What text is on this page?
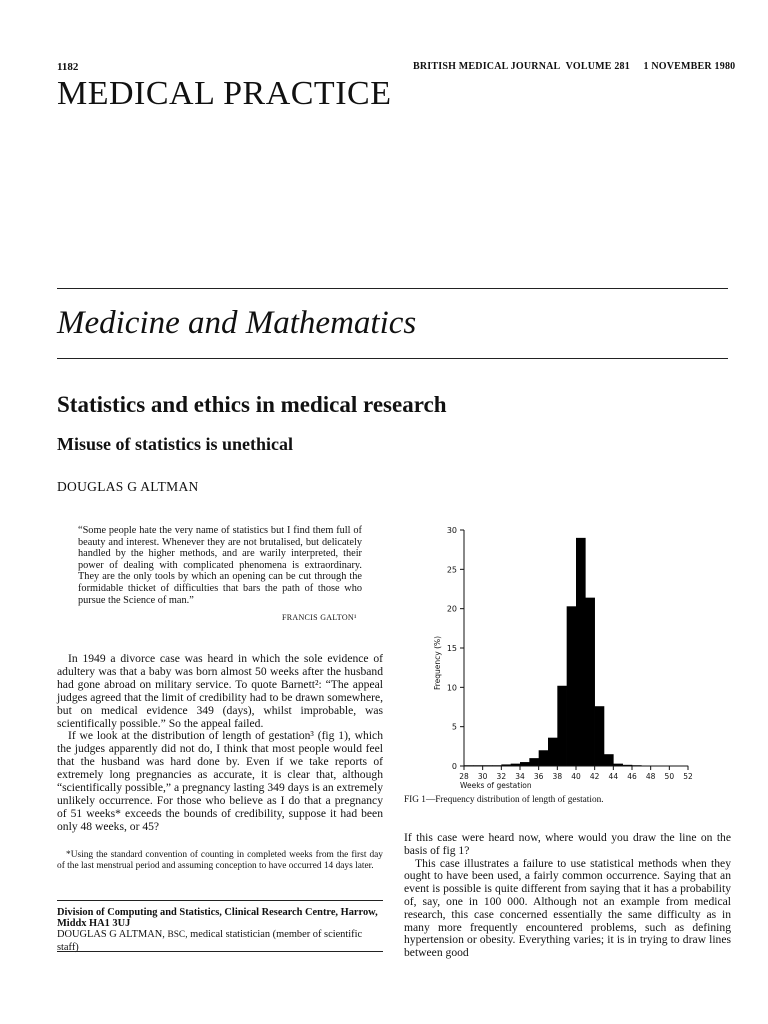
1182	BRITISH MEDICAL JOURNAL VOLUME 281 1 NOVEMBER 1980
MEDICAL PRACTICE
Medicine and Mathematics
Statistics and ethics in medical research
Misuse of statistics is unethical
DOUGLAS G ALTMAN
“Some people hate the very name of statistics but I find them full of beauty and interest. Whenever they are not brutalised, but delicately handled by the higher methods, and are warily interpreted, their power of dealing with complicated phenomena is extraordinary. They are the only tools by which an opening can be cut through the formidable thicket of difficulties that bars the path of those who pursue the Science of man.”
FRANCIS GALTON¹

In 1949 a divorce case was heard in which the sole evidence of adultery was that a baby was born almost 50 weeks after the husband had gone abroad on military service. To quote Barnett²: “The appeal judges agreed that the limit of credibility had to be drawn somewhere, but on medical evidence 349 (days), whilst improbable, was scientifically possible.” So the appeal failed.

If we look at the distribution of length of gestation³ (fig 1), which the judges apparently did not do, I think that most people would feel that the husband was hard done by. Even if we take reports of extremely long pregnancies as accurate, it is clear that, although “scientifically possible,” a pregnancy lasting 349 days is an extremely unlikely occurrence. For those who believe as I do that a pregnancy of 51 weeks* exceeds the bounds of credibility, suppose it had been only 48 weeks, or 45?

*Using the standard convention of counting in completed weeks from the first day of the last menstrual period and assuming conception to have occurred 14 days later.
Division of Computing and Statistics, Clinical Research Centre, Harrow, Middx HA1 3UJ
DOUGLAS G ALTMAN, BSC, medical statistician (member of scientific staff)
0
5
10
15
20
25
30
28 30 32 34 36 38 40 42 44 46 48 50 52
Weeks of gestation
Frequency (%)
FIG 1—Frequency distribution of length of gestation.

If this case were heard now, where would you draw the line on the basis of fig 1?

This case illustrates a failure to use statistical methods when they ought to have been used, a fairly common occurrence. Saying that an event is possible is quite different from saying that it has a probability of, say, one in 100 000. Although not an example from medical research, this case concerned essentially the same difficulty as in many more frequently encountered problems, such as defining hypertension or obesity. Everything varies; it is in trying to draw lines between good
